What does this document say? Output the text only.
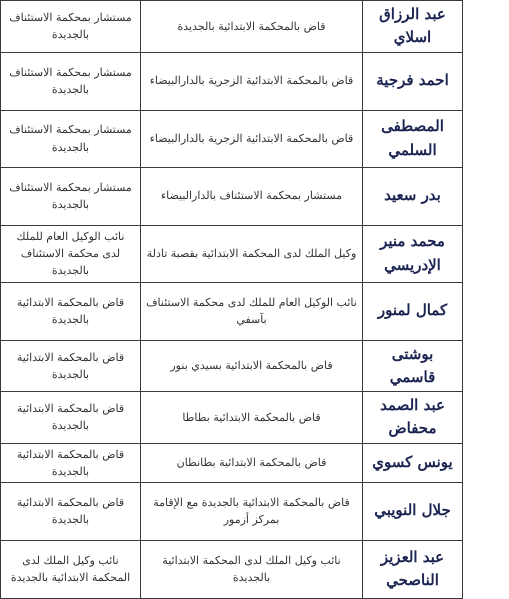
مستشار بمحكمة الاستئناف بالجديدة	قاض بالمحكمة الابتدائية بالجديدة	عبد الرزاق اسلاي
مستشار بمحكمة الاستئناف بالجديدة	قاض بالمحكمة الابتدائية الزجرية بالدارالبيضاء	احمد فرجية
مستشار بمحكمة الاستئناف بالجديدة	قاض بالمحكمة الابتدائية الزجرية بالدارالبيضاء	المصطفى السلمي
مستشار بمحكمة الاستئناف بالجديدة	مستشار بمحكمة الاستئناف بالدارالبيضاء	بدر سعيد
نائب الوكيل العام للملك لدى محكمة الاستئناف بالجديدة	وكيل الملك لدى المحكمة الابتدائية بقصبة تادلة	محمد منير الإدريسي
قاض بالمحكمة الابتدائية بالجديدة	نائب الوكيل العام للملك لدى محكمة الاستئناف بآسفي	كمال لمنور
قاض بالمحكمة الابتدائية بالجديدة	قاض بالمحكمة الابتدائية بسيدي بنور	بوشتى قاسمي
قاض بالمحكمة الابتدائية بالجديدة	قاض بالمحكمة الابتدائية بطاطا	عبد الصمد محفاض
قاض بالمحكمة الابتدائية بالجديدة	قاض بالمحكمة الابتدائية بطانطان	يونس كسوي
قاض بالمحكمة الابتدائية بالجديدة	قاض بالمحكمة الابتدائية بالجديدة مع الإقامة بمركز أزمور	جلال النويبي
نائب وكيل الملك لدى المحكمة الابتدائية بالجديدة	نائب وكيل الملك لدى المحكمة الابتدائية بالجديدة	عبد العزيز الناصحي
